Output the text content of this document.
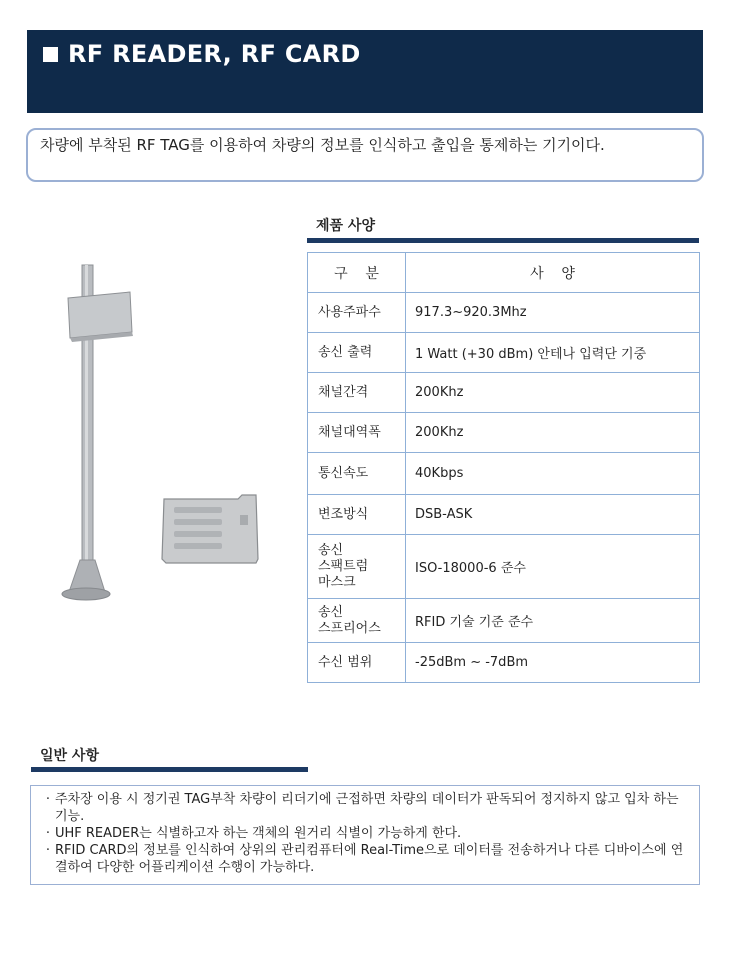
RF READER, RF CARD
차량에 부착된 RF TAG를 이용하여 차량의 정보를 인식하고 출입을 통제하는 기기이다.
제품 사양
구    분	사    양
사용주파수	917.3~920.3Mhz
송신 출력	1 Watt (+30 dBm) 안테나 입력단 기중
채널간격	200Khz
채널대역폭	200Khz
통신속도	40Kbps
변조방식	DSB-ASK
송신
스팩트럼
마스크	ISO-18000-6 준수
송신
스프리어스	RFID 기술 기준 준수
수신 범위	-25dBm ~ -7dBm
일반 사항
· 주차장 이용 시 정기권 TAG부착 차량이 리더기에 근접하면 차량의 데이터가 판독되어 정지하지 않고 입차 하는 기능.
· UHF READER는 식별하고자 하는 객체의 원거리 식별이 가능하게 한다.
· RFID CARD의 정보를 인식하여 상위의 관리컴퓨터에 Real-Time으로 데이터를 전송하거나 다른 디바이스에 연결하여 다양한 어플리케이션 수행이 가능하다.
